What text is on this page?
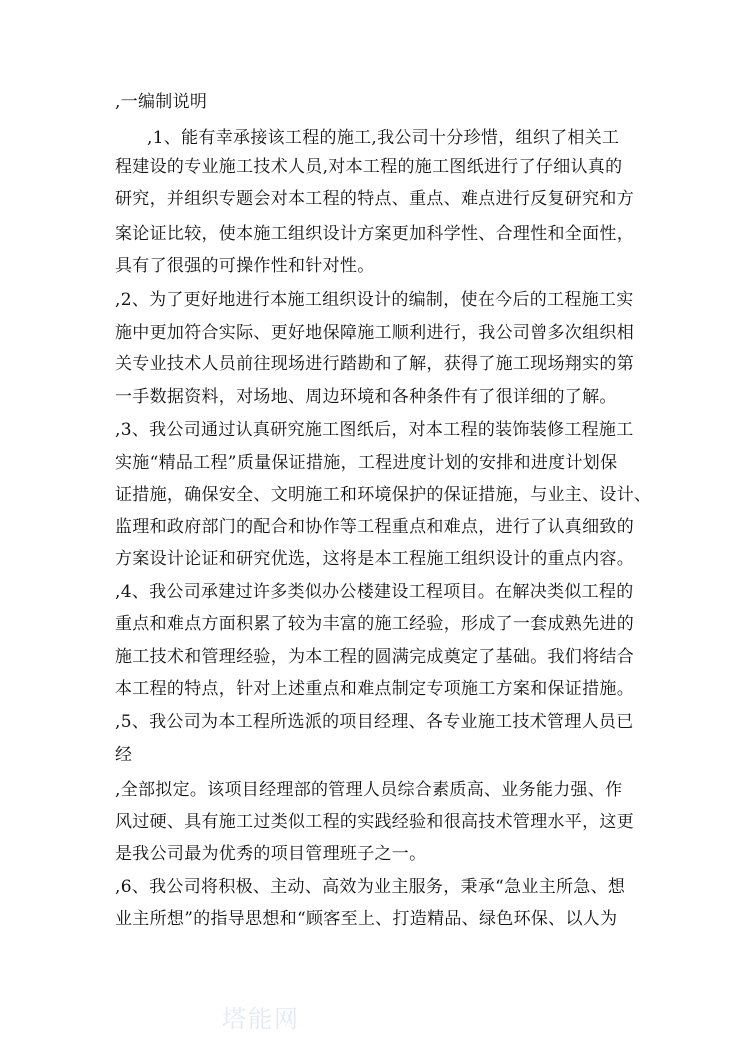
,一编制说明
,1、能有幸承接该工程的施工,我公司十分珍惜，组织了相关工
程建设的专业施工技术人员,对本工程的施工图纸进行了仔细认真的
研究，并组织专题会对本工程的特点、重点、难点进行反复研究和方
案论证比较，使本施工组织设计方案更加科学性、合理性和全面性，
具有了很强的可操作性和针对性。
,2、为了更好地进行本施工组织设计的编制，使在今后的工程施工实
施中更加符合实际、更好地保障施工顺利进行，我公司曾多次组织相
关专业技术人员前往现场进行踏勘和了解，获得了施工现场翔实的第
一手数据资料，对场地、周边环境和各种条件有了很详细的了解。
,3、我公司通过认真研究施工图纸后，对本工程的装饰装修工程施工
实施“精品工程”质量保证措施，工程进度计划的安排和进度计划保
证措施，确保安全、文明施工和环境保护的保证措施，与业主、设计、
监理和政府部门的配合和协作等工程重点和难点，进行了认真细致的
方案设计论证和研究优选，这将是本工程施工组织设计的重点内容。
,4、我公司承建过许多类似办公楼建设工程项目。在解决类似工程的
重点和难点方面积累了较为丰富的施工经验，形成了一套成熟先进的
施工技术和管理经验，为本工程的圆满完成奠定了基础。我们将结合
本工程的特点，针对上述重点和难点制定专项施工方案和保证措施。
,5、我公司为本工程所选派的项目经理、各专业施工技术管理人员已
经
,全部拟定。该项目经理部的管理人员综合素质高、业务能力强、作
风过硬、具有施工过类似工程的实践经验和很高技术管理水平，这更
是我公司最为优秀的项目管理班子之一。
,6、我公司将积极、主动、高效为业主服务，秉承“急业主所急、想
业主所想”的指导思想和“顾客至上、打造精品、绿色环保、以人为
塔能网
